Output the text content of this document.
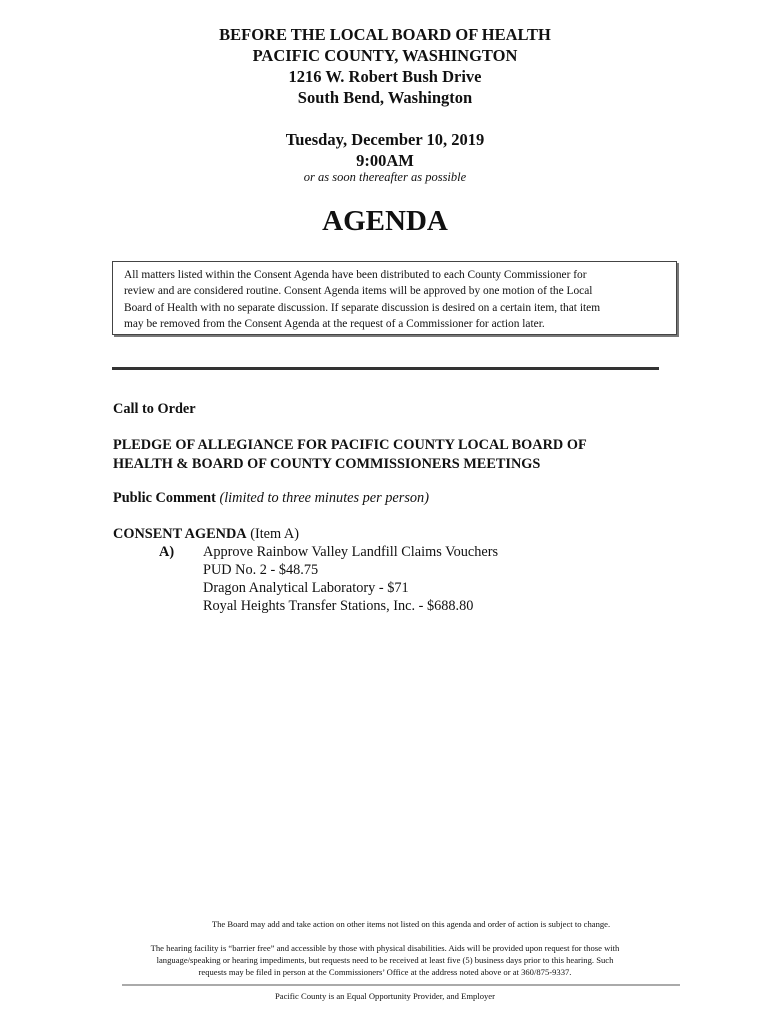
BEFORE THE LOCAL BOARD OF HEALTH
PACIFIC COUNTY, WASHINGTON
1216 W. Robert Bush Drive
South Bend, Washington
Tuesday, December 10, 2019
9:00AM
or as soon thereafter as possible
AGENDA
All matters listed within the Consent Agenda have been distributed to each County Commissioner for
review and are considered routine. Consent Agenda items will be approved by one motion of the Local
Board of Health with no separate discussion. If separate discussion is desired on a certain item, that item
may be removed from the Consent Agenda at the request of a Commissioner for action later.
Call to Order
PLEDGE OF ALLEGIANCE FOR PACIFIC COUNTY LOCAL BOARD OF
HEALTH & BOARD OF COUNTY COMMISSIONERS MEETINGS
Public Comment (limited to three minutes per person)
CONSENT AGENDA (Item A)
A) Approve Rainbow Valley Landfill Claims Vouchers
PUD No. 2 - $48.75
Dragon Analytical Laboratory - $71
Royal Heights Transfer Stations, Inc. - $688.80
The Board may add and take action on other items not listed on this agenda and order of action is subject to change.
The hearing facility is “barrier free” and accessible by those with physical disabilities. Aids will be provided upon request for those with
language/speaking or hearing impediments, but requests need to be received at least five (5) business days prior to this hearing. Such
requests may be filed in person at the Commissioners’ Office at the address noted above or at 360/875-9337.
Pacific County is an Equal Opportunity Provider, and Employer
